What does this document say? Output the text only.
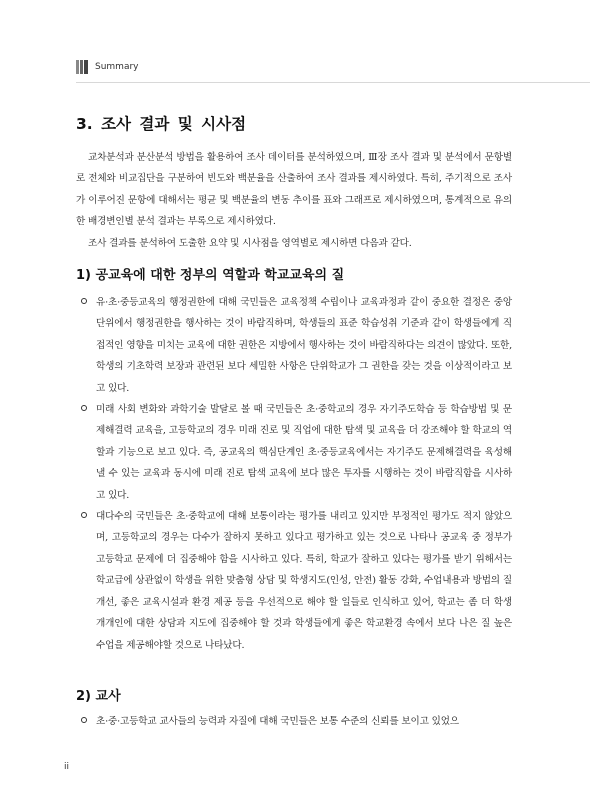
Summary
3. 조사 결과 및 시사점

교차분석과 분산분석 방법을 활용하여 조사 데이터를 분석하였으며, Ⅲ장 조사 결과 및 분석에서 문항별로 전체와 비교집단을 구분하여 빈도와 백분율을 산출하여 조사 결과를 제시하였다. 특히, 주기적으로 조사가 이루어진 문항에 대해서는 평균 및 백분율의 변동 추이를 표와 그래프로 제시하였으며, 통계적으로 유의한 배경변인별 분석 결과는 부록으로 제시하였다.

조사 결과를 분석하여 도출한 요약 및 시사점을 영역별로 제시하면 다음과 같다.

1) 공교육에 대한 정부의 역할과 학교교육의 질
유·초·중등교육의 행정권한에 대해 국민들은 교육정책 수립이나 교육과정과 같이 중요한 결정은 중앙 단위에서 행정권한을 행사하는 것이 바람직하며, 학생들의 표준 학습성취 기준과 같이 학생들에게 직접적인 영향을 미치는 교육에 대한 권한은 지방에서 행사하는 것이 바람직하다는 의견이 많았다. 또한, 학생의 기초학력 보장과 관련된 보다 세밀한 사항은 단위학교가 그 권한을 갖는 것을 이상적이라고 보고 있다.
미래 사회 변화와 과학기술 발달로 볼 때 국민들은 초·중학교의 경우 자기주도학습 등 학습방법 및 문제해결력 교육을, 고등학교의 경우 미래 진로 및 직업에 대한 탐색 및 교육을 더 강조해야 할 학교의 역할과 기능으로 보고 있다. 즉, 공교육의 핵심단계인 초·중등교육에서는 자기주도 문제해결력을 육성해낼 수 있는 교육과 동시에 미래 진로 탐색 교육에 보다 많은 투자를 시행하는 것이 바람직함을 시사하고 있다.
대다수의 국민들은 초·중학교에 대해 보통이라는 평가를 내리고 있지만 부정적인 평가도 적지 않았으며, 고등학교의 경우는 다수가 잘하지 못하고 있다고 평가하고 있는 것으로 나타나 공교육 중 정부가 고등학교 문제에 더 집중해야 함을 시사하고 있다. 특히, 학교가 잘하고 있다는 평가를 받기 위해서는 학교급에 상관없이 학생을 위한 맞춤형 상담 및 학생지도(인성, 안전) 활동 강화, 수업내용과 방법의 질 개선, 좋은 교육시설과 환경 제공 등을 우선적으로 해야 할 일들로 인식하고 있어, 학교는 좀 더 학생 개개인에 대한 상담과 지도에 집중해야 할 것과 학생들에게 좋은 학교환경 속에서 보다 나은 질 높은 수업을 제공해야할 것으로 나타났다.
2) 교사
초·중·고등학교 교사들의 능력과 자질에 대해 국민들은 보통 수준의 신뢰를 보이고 있었으
ii
